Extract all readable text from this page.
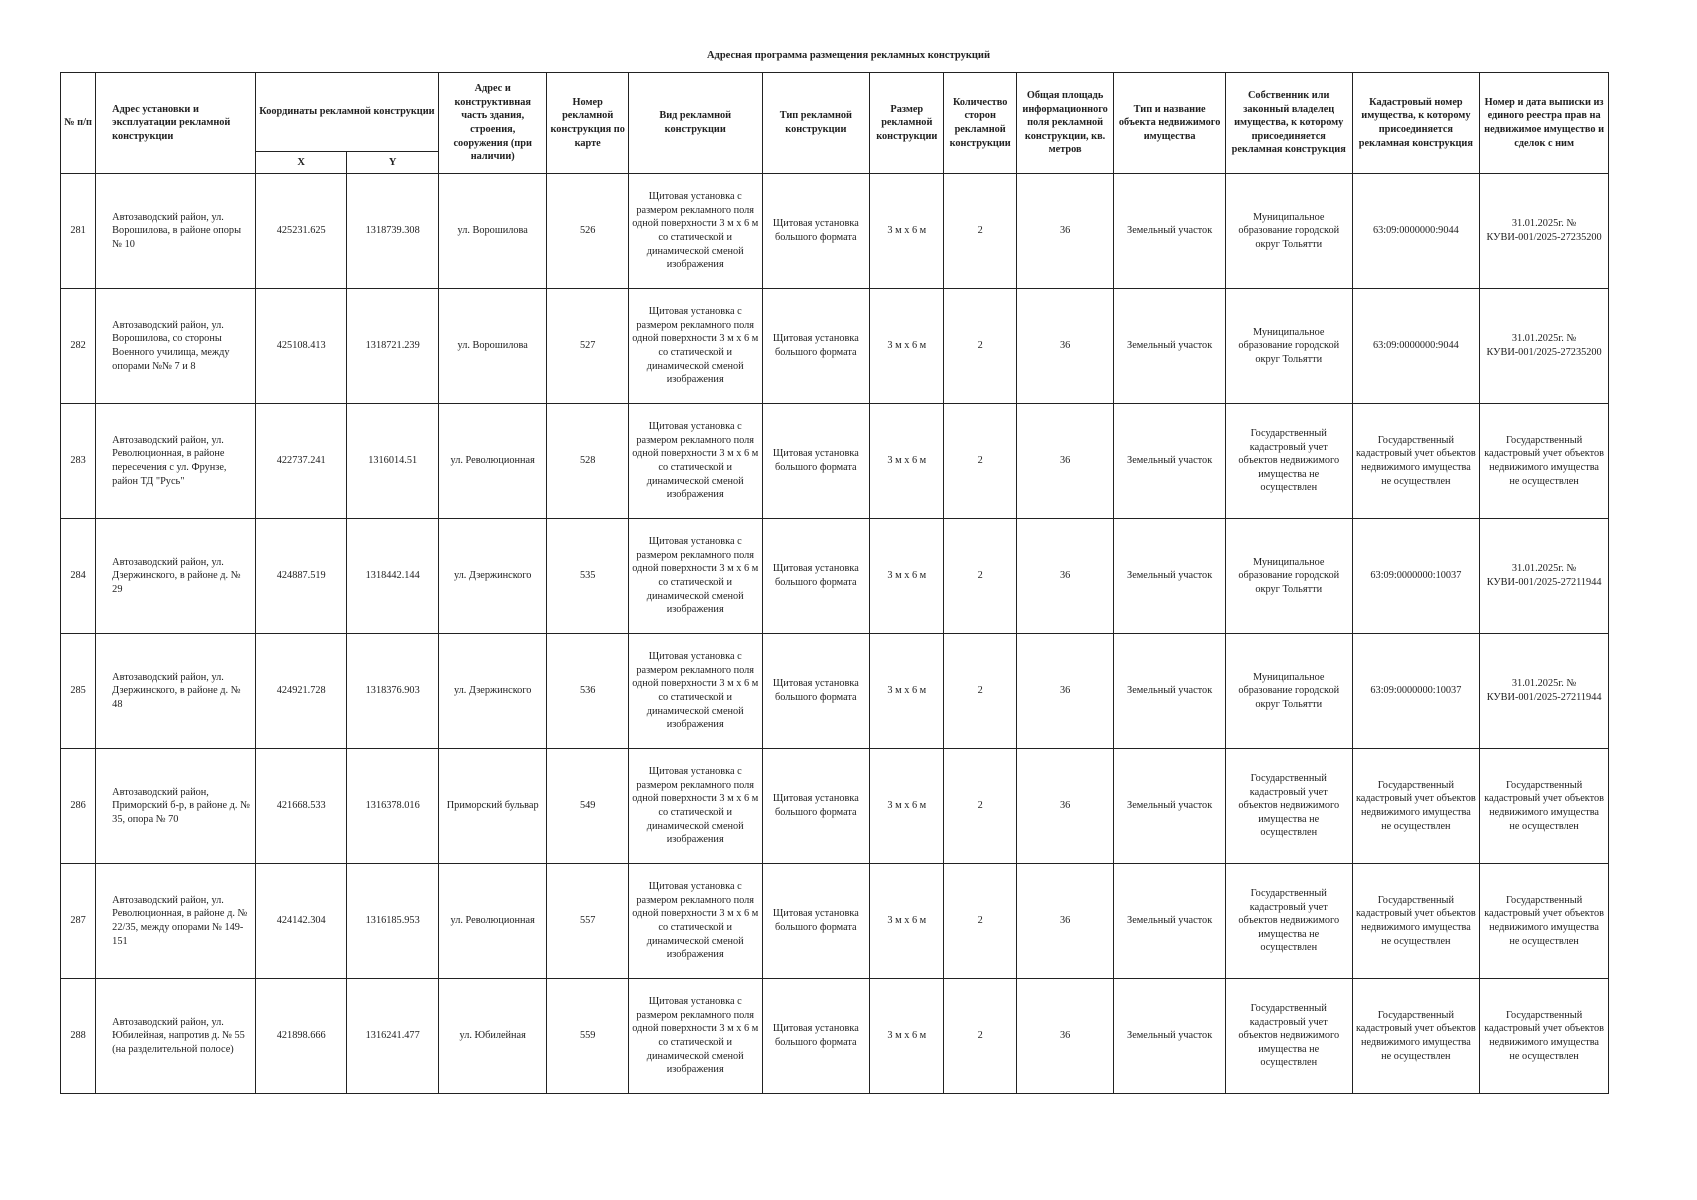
Адресная программа размещения рекламных конструкций
№ п/п	Адрес установки и эксплуатации рекламной конструкции	Координаты рекламной конструкции		Адрес и конструктивная часть здания, строения, сооружения (при наличии)	Номер рекламной конструкция по карте	Вид рекламной конструкции	Тип рекламной конструкции	Размер рекламной конструкции	Количество сторон рекламной конструкции	Общая площадь информационного поля рекламной конструкции, кв. метров	Тип и название объекта недвижимого имущества	Собственник или законный владелец имущества, к которому присоединяется рекламная конструкция	Кадастровый номер имущества, к которому присоединяется рекламная конструкция	Номер и дата выписки из единого реестра прав на недвижимое имущество и сделок с ним
		X	Y											
281	Автозаводский район, ул. Ворошилова, в районе опоры № 10	425231.625	1318739.308	ул. Ворошилова	526	Щитовая установка с размером рекламного поля одной поверхности 3 м х 6 м со статической и динамической сменой изображения	Щитовая установка большого формата	3 м х 6 м	2	36	Земельный участок	Муниципальное образование городской округ Тольятти	63:09:0000000:9044	31.01.2025г. № КУВИ-001/2025-27235200
282	Автозаводский район, ул. Ворошилова, со стороны Военного училища, между опорами №№ 7 и 8	425108.413	1318721.239	ул. Ворошилова	527	Щитовая установка с размером рекламного поля одной поверхности 3 м х 6 м со статической и динамической сменой изображения	Щитовая установка большого формата	3 м х 6 м	2	36	Земельный участок	Муниципальное образование городской округ Тольятти	63:09:0000000:9044	31.01.2025г. № КУВИ-001/2025-27235200
283	Автозаводский район, ул. Революционная, в районе пересечения с ул. Фрунзе, район ТД "Русь"	422737.241	1316014.51	ул. Революционная	528	Щитовая установка с размером рекламного поля одной поверхности 3 м х 6 м со статической и динамической сменой изображения	Щитовая установка большого формата	3 м х 6 м	2	36	Земельный участок	Государственный кадастровый учет объектов недвижимого имущества не осуществлен	Государственный кадастровый учет объектов недвижимого имущества не осуществлен	Государственный кадастровый учет объектов недвижимого имущества не осуществлен
284	Автозаводский район, ул. Дзержинского, в районе д. № 29	424887.519	1318442.144	ул. Дзержинского	535	Щитовая установка с размером рекламного поля одной поверхности 3 м х 6 м со статической и динамической сменой изображения	Щитовая установка большого формата	3 м х 6 м	2	36	Земельный участок	Муниципальное образование городской округ Тольятти	63:09:0000000:10037	31.01.2025г. № КУВИ-001/2025-27211944
285	Автозаводский район, ул. Дзержинского, в районе д. № 48	424921.728	1318376.903	ул. Дзержинского	536	Щитовая установка с размером рекламного поля одной поверхности 3 м х 6 м со статической и динамической сменой изображения	Щитовая установка большого формата	3 м х 6 м	2	36	Земельный участок	Муниципальное образование городской округ Тольятти	63:09:0000000:10037	31.01.2025г. № КУВИ-001/2025-27211944
286	Автозаводский район, Приморский б-р, в районе д. № 35, опора № 70	421668.533	1316378.016	Приморский бульвар	549	Щитовая установка с размером рекламного поля одной поверхности 3 м х 6 м со статической и динамической сменой изображения	Щитовая установка большого формата	3 м х 6 м	2	36	Земельный участок	Государственный кадастровый учет объектов недвижимого имущества не осуществлен	Государственный кадастровый учет объектов недвижимого имущества не осуществлен	Государственный кадастровый учет объектов недвижимого имущества не осуществлен
287	Автозаводский район, ул. Революционная, в районе д. № 22/35, между опорами № 149-151	424142.304	1316185.953	ул. Революционная	557	Щитовая установка с размером рекламного поля одной поверхности 3 м х 6 м со статической и динамической сменой изображения	Щитовая установка большого формата	3 м х 6 м	2	36	Земельный участок	Государственный кадастровый учет объектов недвижимого имущества не осуществлен	Государственный кадастровый учет объектов недвижимого имущества не осуществлен	Государственный кадастровый учет объектов недвижимого имущества не осуществлен
288	Автозаводский район, ул. Юбилейная, напротив д. № 55 (на разделительной полосе)	421898.666	1316241.477	ул. Юбилейная	559	Щитовая установка с размером рекламного поля одной поверхности 3 м х 6 м со статической и динамической сменой изображения	Щитовая установка большого формата	3 м х 6 м	2	36	Земельный участок	Государственный кадастровый учет объектов недвижимого имущества не осуществлен	Государственный кадастровый учет объектов недвижимого имущества не осуществлен	Государственный кадастровый учет объектов недвижимого имущества не осуществлен
